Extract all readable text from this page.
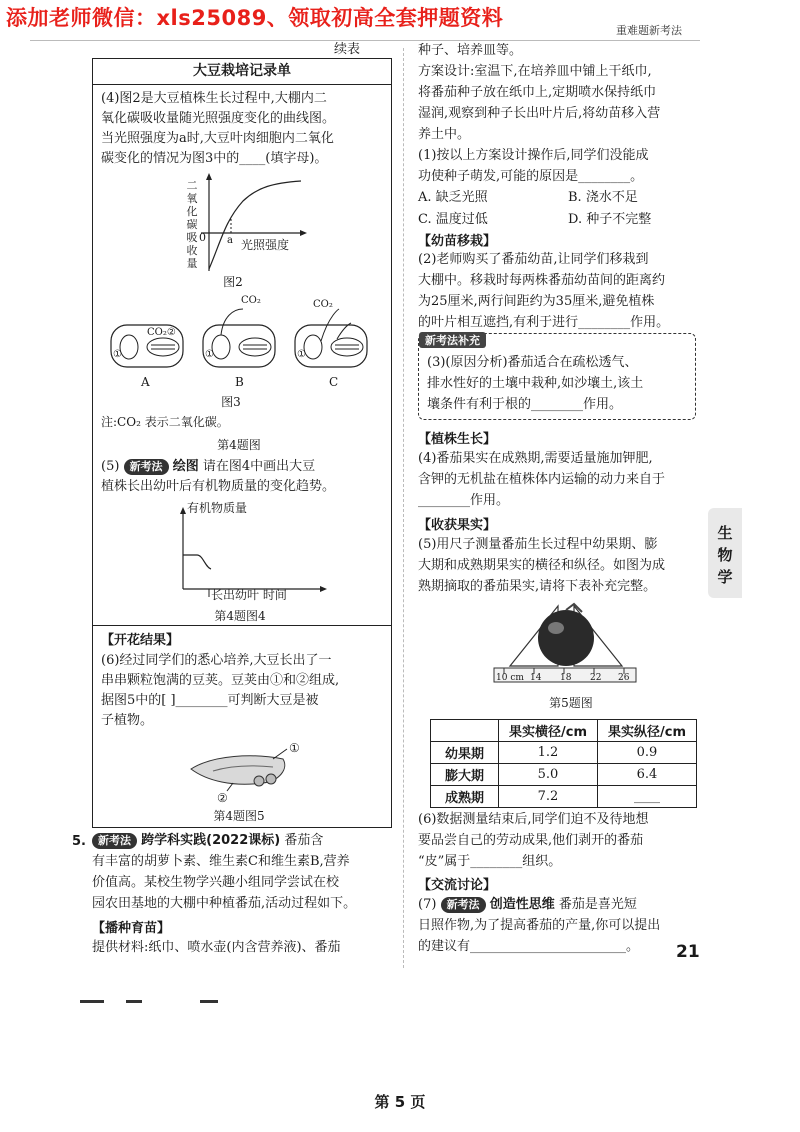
添加老师微信：xls25089、领取初高全套押题资料
重难题新考法
续表
大豆栽培记录单
(4)图2是大豆植株生长过程中,大棚内二
氧化碳吸收量随光照强度变化的曲线图。
当光照强度为a时,大豆叶肉细胞内二氧化
碳变化的情况为图3中的____(填字母)。
二氧化碳吸收量
0 a 光照强度
图2
CO₂②
①
CO₂
①
CO₂
①
A	B	C
图3
注:CO₂ 表示二氧化碳。
第4题图
(5) 新考法 绘图 请在图4中画出大豆
植株长出幼叶后有机物质量的变化趋势。
有机物质量
长出幼叶 时间
第4题图4
【开花结果】
(6)经过同学们的悉心培养,大豆长出了一
串串颗粒饱满的豆荚。豆荚由①和②组成,
据图5中的[ ]________可判断大豆是被
子植物。
①
②
第4题图5
5.	新考法 跨学科实践(2022课标) 番茄含
有丰富的胡萝卜素、维生素C和维生素B,营养
价值高。某校生物学兴趣小组同学尝试在校
园农田基地的大棚中种植番茄,活动过程如下。
【播种育苗】
提供材料:纸巾、喷水壶(内含营养液)、番茄
种子、培养皿等。
方案设计:室温下,在培养皿中铺上干纸巾,
将番茄种子放在纸巾上,定期喷水保持纸巾
湿润,观察到种子长出叶片后,将幼苗移入营
养土中。
(1)按以上方案设计操作后,同学们没能成
功使种子萌发,可能的原因是________。
A. 缺乏光照	B. 浇水不足
C. 温度过低	D. 种子不完整
【幼苗移栽】
(2)老师购买了番茄幼苗,让同学们移栽到
大棚中。移栽时每两株番茄幼苗间的距离约
为25厘米,两行间距约为35厘米,避免植株
的叶片相互遮挡,有利于进行________作用。
新考法补充
(3)(原因分析)番茄适合在疏松透气、
排水性好的土壤中栽种,如沙壤土,该土
壤条件有利于根的________作用。
【植株生长】
(4)番茄果实在成熟期,需要适量施加钾肥,
含钾的无机盐在植株体内运输的动力来自于
________作用。
【收获果实】
(5)用尺子测量番茄生长过程中幼果期、膨
大期和成熟期果实的横径和纵径。如图为成
熟期摘取的番茄果实,请将下表补充完整。
10 cm 14 18 22 26
第5题图
	果实横径/cm	果实纵径/cm
幼果期	1.2	0.9
膨大期	5.0	6.4
成熟期	7.2	____
(6)数据测量结束后,同学们迫不及待地想
要品尝自己的劳动成果,他们剥开的番茄
“皮”属于________组织。
【交流讨论】
(7) 新考法 创造性思维 番茄是喜光短
日照作物,为了提高番茄的产量,你可以提出
的建议有________________________。
生物学
21
第 5 页
